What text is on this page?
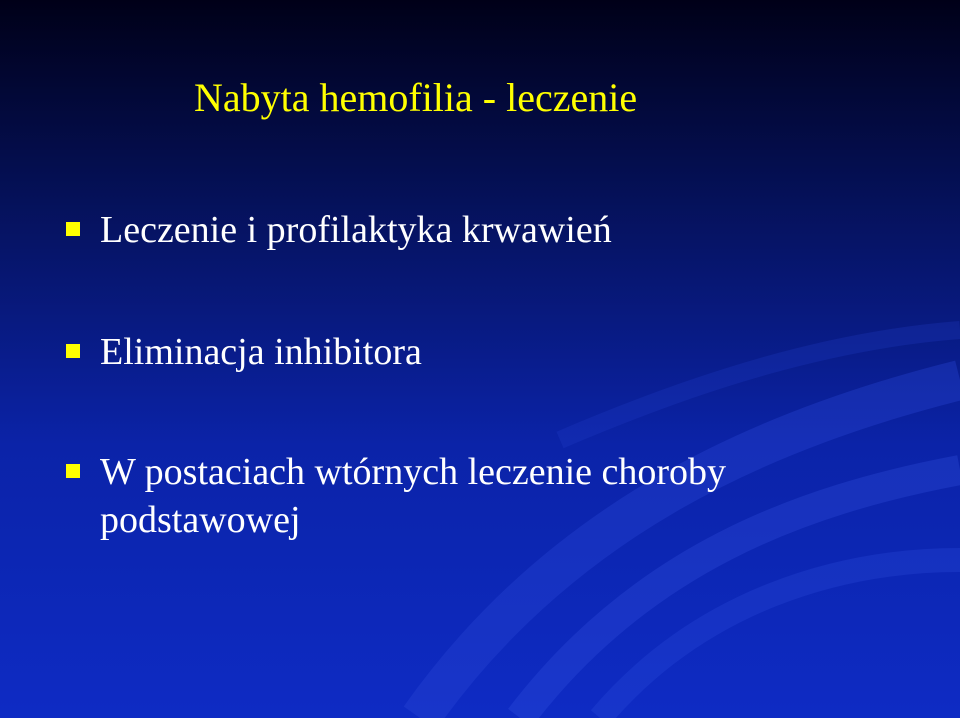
Nabyta hemofilia - leczenie
Leczenie i profilaktyka krwawień
Eliminacja inhibitora
W postaciach wtórnych leczenie choroby podstawowej
